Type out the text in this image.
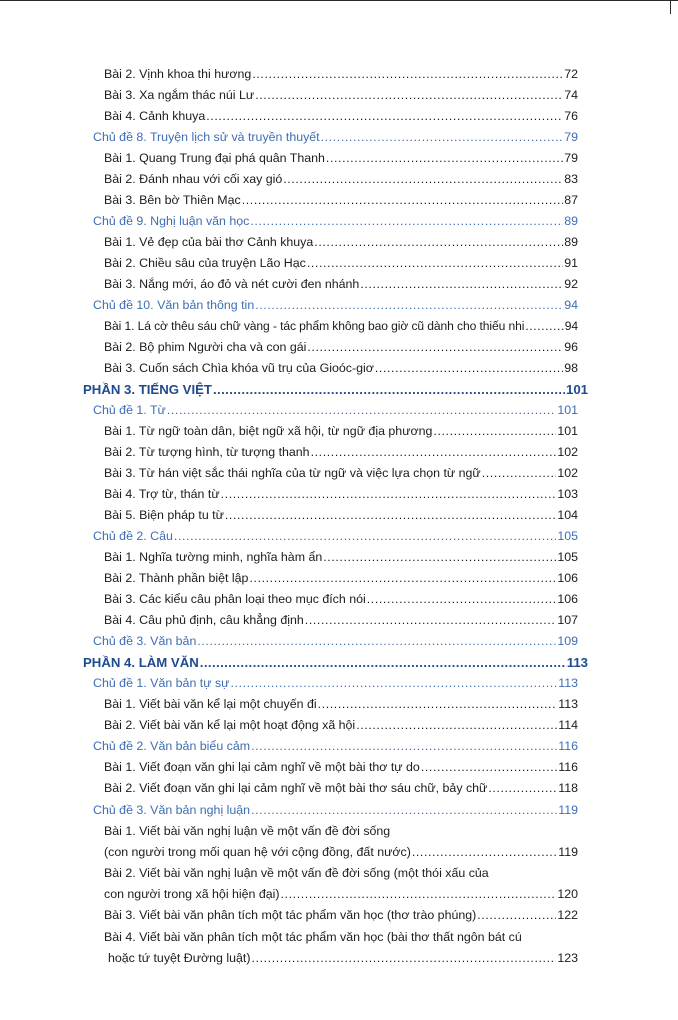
Bài 2. Vịnh khoa thi hương .....	72
Bài 3. Xa ngắm thác núi Lư .....	74
Bài 4. Cảnh khuya .....	76
Chủ đề 8. Truyện lịch sử và truyền thuyết .....	79
Bài 1. Quang Trung đại phá quân Thanh .....	79
Bài 2. Đánh nhau với cối xay gió .....	83
Bài 3. Bên bờ Thiên Mạc .....	87
Chủ đề 9. Nghị luận văn học .....	89
Bài 1. Vẻ đẹp của bài thơ Cảnh khuya .....	89
Bài 2. Chiều sâu của truyện Lão Hạc .....	91
Bài 3. Nắng mới, áo đỏ và nét cười đen nhánh .....	92
Chủ đề 10. Văn bản thông tin .....	94
Bài 1. Lá cờ thêu sáu chữ vàng - tác phẩm không bao giờ cũ dành cho thiếu nhi .....	94
Bài 2. Bộ phim Người cha và con gái .....	96
Bài 3. Cuốn sách Chìa khóa vũ trụ của Gioóc-giơ .....	98
PHẦN 3. TIẾNG VIỆT .....	101
Chủ đề 1. Từ .....	101
Bài 1. Từ ngữ toàn dân, biệt ngữ xã hội, từ ngữ địa phương .....	101
Bài 2. Từ tượng hình, từ tượng thanh .....	102
Bài 3. Từ hán việt sắc thái nghĩa của từ ngữ và việc lựa chọn từ ngữ .....	102
Bài 4. Trợ từ, thán từ .....	103
Bài 5. Biện pháp tu từ .....	104
Chủ đề 2. Câu .....	105
Bài 1. Nghĩa tường minh, nghĩa hàm ẩn .....	105
Bài 2. Thành phần biệt lập .....	106
Bài 3. Các kiểu câu phân loại theo mục đích nói .....	106
Bài 4. Câu phủ định, câu khẳng định .....	107
Chủ đề 3. Văn bản .....	109
PHẦN 4. LÀM VĂN .....	113
Chủ đề 1. Văn bản tự sự .....	113
Bài 1. Viết bài văn kể lại một chuyến đi .....	113
Bài 2. Viết bài văn kể lại một hoạt động xã hội .....	114
Chủ đề 2. Văn bản biểu cảm .....	116
Bài 1. Viết đoạn văn ghi lại cảm nghĩ về một bài thơ tự do .....	116
Bài 2. Viết đoạn văn ghi lại cảm nghĩ về một bài thơ sáu chữ, bảy chữ .....	118
Chủ đề 3. Văn bản nghị luận .....	119
Bài 1. Viết bài văn nghị luận về một vấn đề đời sống
(con người trong mối quan hệ với cộng đồng, đất nước) .....	119
Bài 2. Viết bài văn nghị luận về một vấn đề đời sống (một thói xấu của
con người trong xã hội hiện đại) .....	120
Bài 3. Viết bài văn phân tích một tác phẩm văn học (thơ trào phúng) .....	122
Bài 4. Viết bài văn phân tích một tác phẩm văn học (bài thơ thất ngôn bát cú
hoặc tứ tuyệt Đường luật) .....	123
